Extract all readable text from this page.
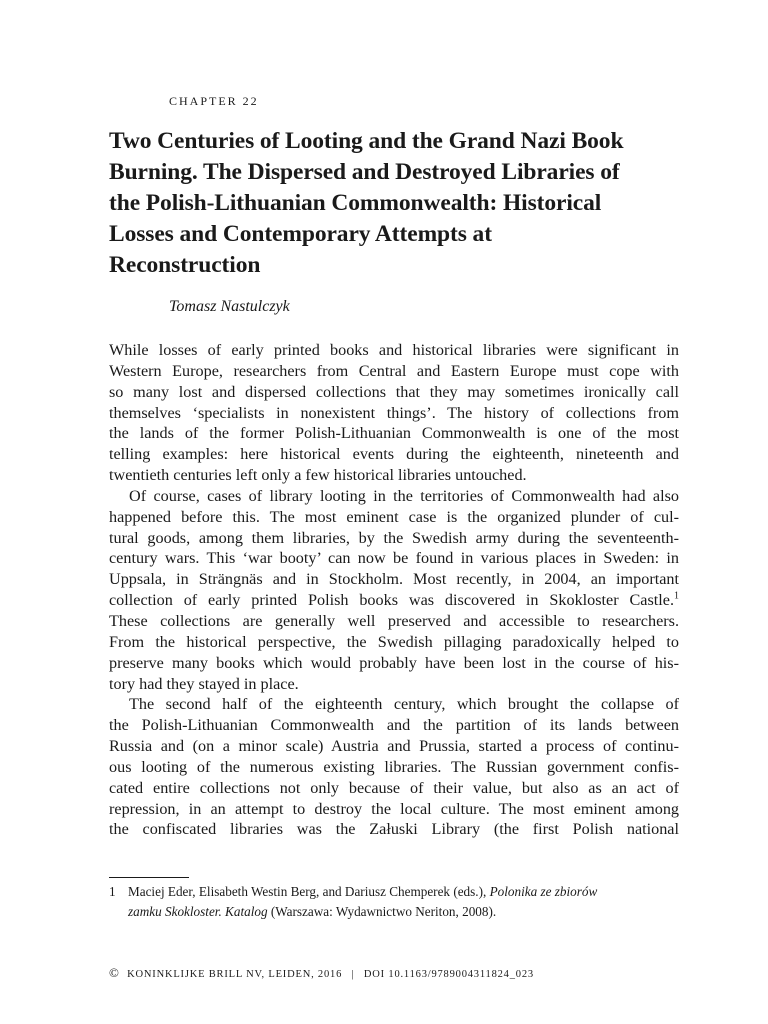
CHAPTER 22
Two Centuries of Looting and the Grand Nazi Book
Burning. The Dispersed and Destroyed Libraries of
the Polish-Lithuanian Commonwealth: Historical
Losses and Contemporary Attempts at
Reconstruction
Tomasz Nastulczyk
While losses of early printed books and historical libraries were significant in
Western Europe, researchers from Central and Eastern Europe must cope with
so many lost and dispersed collections that they may sometimes ironically call
themselves ‘specialists in nonexistent things’. The history of collections from
the lands of the former Polish-Lithuanian Commonwealth is one of the most
telling examples: here historical events during the eighteenth, nineteenth and
twentieth centuries left only a few historical libraries untouched.
Of course, cases of library looting in the territories of Commonwealth had also
happened before this. The most eminent case is the organized plunder of cul-
tural goods, among them libraries, by the Swedish army during the seventeenth-
century wars. This ‘war booty’ can now be found in various places in Sweden: in
Uppsala, in Strängnäs and in Stockholm. Most recently, in 2004, an important
collection of early printed Polish books was discovered in Skokloster Castle.$^1$
These collections are generally well preserved and accessible to researchers.
From the historical perspective, the Swedish pillaging paradoxically helped to
preserve many books which would probably have been lost in the course of his-
tory had they stayed in place.
The second half of the eighteenth century, which brought the collapse of
the Polish-Lithuanian Commonwealth and the partition of its lands between
Russia and (on a minor scale) Austria and Prussia, started a process of continu-
ous looting of the numerous existing libraries. The Russian government confis-
cated entire collections not only because of their value, but also as an act of
repression, in an attempt to destroy the local culture. The most eminent among
the confiscated libraries was the Załuski Library (the first Polish national
1 Maciej Eder, Elisabeth Westin Berg, and Dariusz Chemperek (eds.), Polonika ze zbiorów
zamku Skokloster. Katalog (Warszawa: Wydawnictwo Neriton, 2008).
© KONINKLIJKE BRILL NV, LEIDEN, 2016 | DOI 10.1163/9789004311824_023
